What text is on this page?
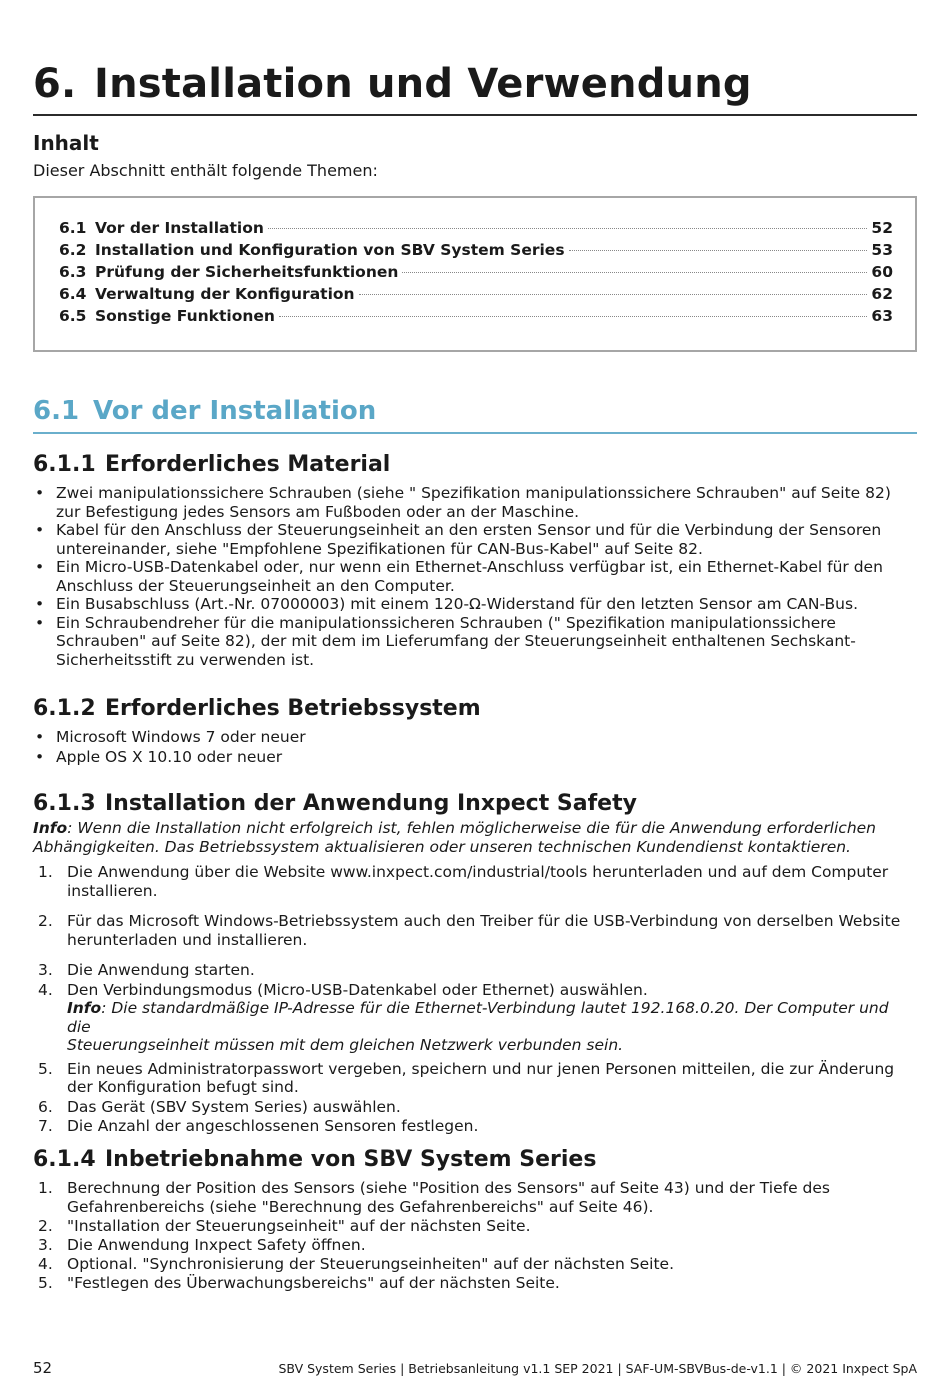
6. Installation und Verwendung
Inhalt
Dieser Abschnitt enthält folgende Themen:
6.1 Vor der Installation	52
6.2 Installation und Konfiguration von SBV System Series	53
6.3 Prüfung der Sicherheitsfunktionen	60
6.4 Verwaltung der Konfiguration	62
6.5 Sonstige Funktionen	63
6.1 Vor der Installation
6.1.1 Erforderliches Material
• Zwei manipulationssichere Schrauben (siehe " Spezifikation manipulationssichere Schrauben" auf Seite 82)
zur Befestigung jedes Sensors am Fußboden oder an der Maschine.
• Kabel für den Anschluss der Steuerungseinheit an den ersten Sensor und für die Verbindung der Sensoren
untereinander, siehe "Empfohlene Spezifikationen für CAN-Bus-Kabel" auf Seite 82.
• Ein Micro-USB-Datenkabel oder, nur wenn ein Ethernet-Anschluss verfügbar ist, ein Ethernet-Kabel für den
Anschluss der Steuerungseinheit an den Computer.
• Ein Busabschluss (Art.-Nr. 07000003) mit einem 120-Ω-Widerstand für den letzten Sensor am CAN-Bus.
• Ein Schraubendreher für die manipulationssicheren Schrauben (" Spezifikation manipulationssichere
Schrauben" auf Seite 82), der mit dem im Lieferumfang der Steuerungseinheit enthaltenen Sechskant-
Sicherheitsstift zu verwenden ist.
6.1.2 Erforderliches Betriebssystem
• Microsoft Windows 7 oder neuer
• Apple OS X 10.10 oder neuer
6.1.3 Installation der Anwendung Inxpect Safety
Info: Wenn die Installation nicht erfolgreich ist, fehlen möglicherweise die für die Anwendung erforderlichen
Abhängigkeiten. Das Betriebssystem aktualisieren oder unseren technischen Kundendienst kontaktieren.
1. Die Anwendung über die Website www.inxpect.com/industrial/tools herunterladen und auf dem Computer
installieren.
2. Für das Microsoft Windows-Betriebssystem auch den Treiber für die USB-Verbindung von derselben Website
herunterladen und installieren.
3. Die Anwendung starten.
4. Den Verbindungsmodus (Micro-USB-Datenkabel oder Ethernet) auswählen.
Info: Die standardmäßige IP-Adresse für die Ethernet-Verbindung lautet 192.168.0.20. Der Computer und die
Steuerungseinheit müssen mit dem gleichen Netzwerk verbunden sein.
5. Ein neues Administratorpasswort vergeben, speichern und nur jenen Personen mitteilen, die zur Änderung
der Konfiguration befugt sind.
6. Das Gerät (SBV System Series) auswählen.
7. Die Anzahl der angeschlossenen Sensoren festlegen.
6.1.4 Inbetriebnahme von SBV System Series
1. Berechnung der Position des Sensors (siehe "Position des Sensors" auf Seite 43) und der Tiefe des
Gefahrenbereichs (siehe "Berechnung des Gefahrenbereichs" auf Seite 46).
2. "Installation der Steuerungseinheit" auf der nächsten Seite.
3. Die Anwendung Inxpect Safety öffnen.
4. Optional. "Synchronisierung der Steuerungseinheiten" auf der nächsten Seite.
5. "Festlegen des Überwachungsbereichs" auf der nächsten Seite.
52	SBV System Series | Betriebsanleitung v1.1 SEP 2021 | SAF-UM-SBVBus-de-v1.1 | © 2021 Inxpect SpA
